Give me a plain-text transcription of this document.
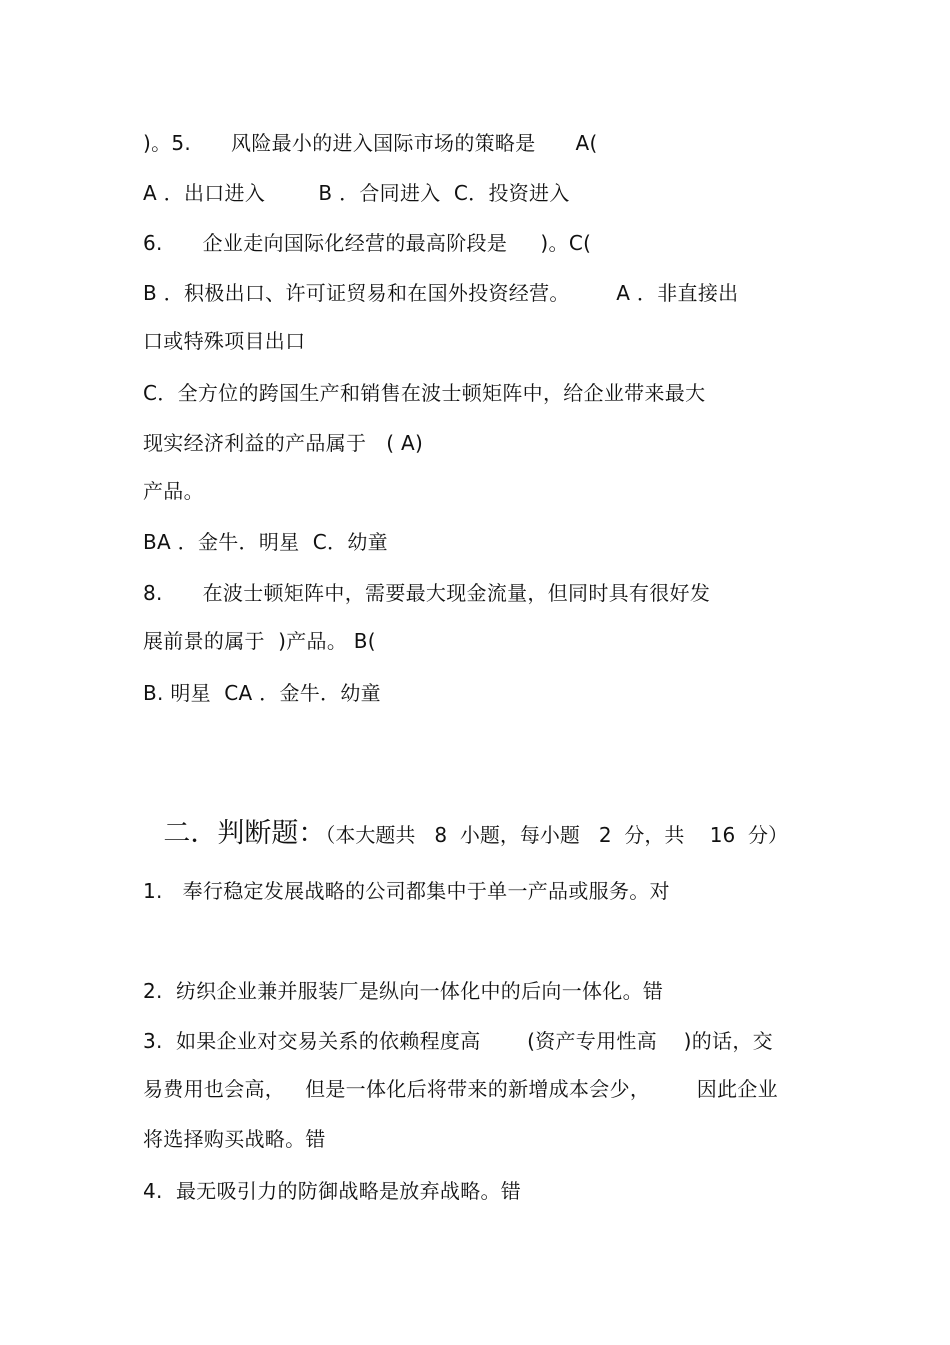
)。5.      风险最小的进入国际市场的策略是      A(
A ．出口进入        B ．合同进入  C．投资进入
6.      企业走向国际化经营的最高阶段是     )。C(
B ．积极出口、许可证贸易和在国外投资经营。       A ．非直接出
口或特殊项目出口
C．全方位的跨国生产和销售在波士顿矩阵中，给企业带来最大
现实经济利益的产品属于   ( A)
产品。
BA ．金牛．明星  C．幼童
8.      在波士顿矩阵中，需要最大现金流量，但同时具有很好发
展前景的属于  )产品。 B(
B. 明星  CA ．金牛．幼童

二．判断题：（本大题共   8  小题，每小题   2  分，共    16  分）

1.   奉行稳定发展战略的公司都集中于单一产品或服务。对
2.  纺织企业兼并服装厂是纵向一体化中的后向一体化。错
3.  如果企业对交易关系的依赖程度高       (资产专用性高    )的话，交
易费用也会高，   但是一体化后将带来的新增成本会少，       因此企业
将选择购买战略。错
4.  最无吸引力的防御战略是放弃战略。错
